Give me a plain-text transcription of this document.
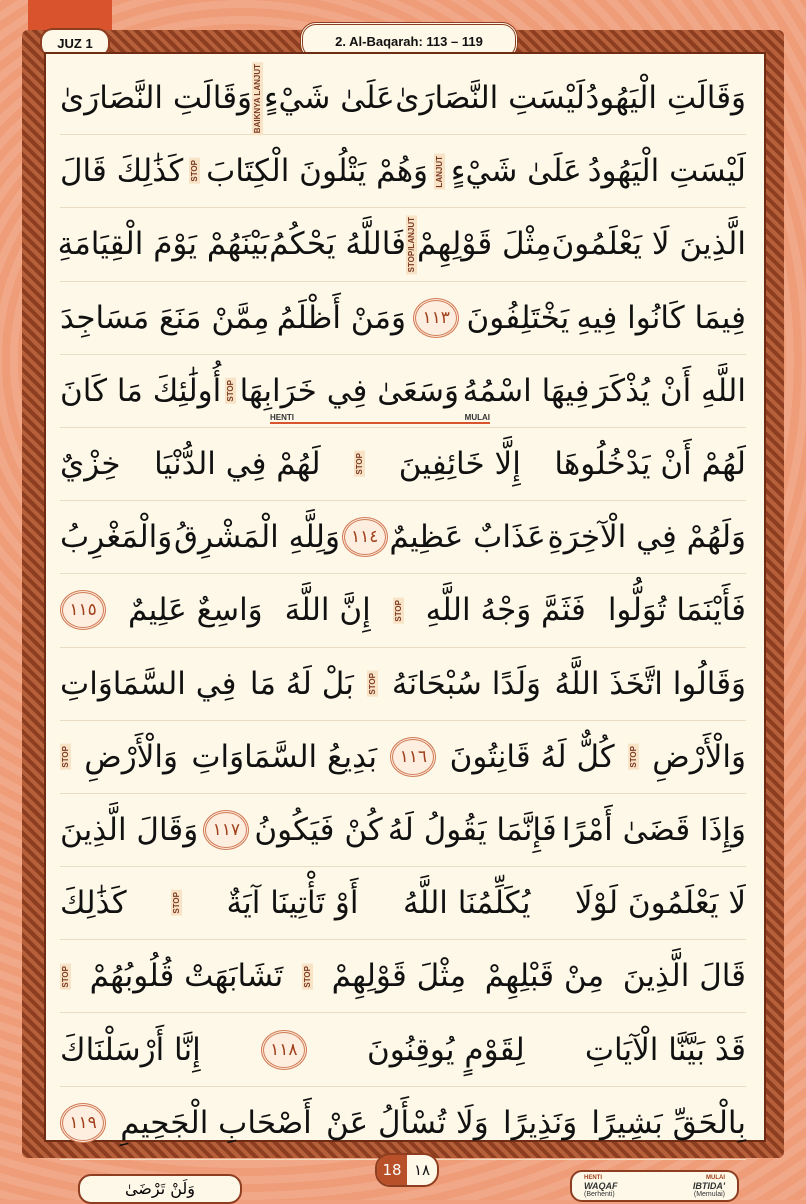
JUZ 1	2. Al-Baqarah: 113 – 119
وَقَالَتِ الْيَهُودُ
لَيْسَتِ النَّصَارَىٰ
عَلَىٰ شَيْءٍ
BAIKNYA LANJUT
وَقَالَتِ النَّصَارَىٰ
لَيْسَتِ الْيَهُودُ
عَلَىٰ شَيْءٍ
LANJUT
وَهُمْ يَتْلُونَ الْكِتَابَ
STOP
كَذَٰلِكَ قَالَ
الَّذِينَ لَا يَعْلَمُونَ
مِثْلَ قَوْلِهِمْ
STOP/LANJUT
فَاللَّهُ يَحْكُمُ
بَيْنَهُمْ يَوْمَ الْقِيَامَةِ
فِيمَا كَانُوا فِيهِ
يَخْتَلِفُونَ
١١٣
وَمَنْ أَظْلَمُ
مِمَّنْ مَنَعَ مَسَاجِدَ
اللَّهِ أَنْ يُذْكَرَ
فِيهَا اسْمُهُ
وَسَعَىٰ فِي خَرَابِهَا
STOP
أُولَٰئِكَ مَا كَانَ
HENTI	MULAI
لَهُمْ أَنْ يَدْخُلُوهَا
إِلَّا خَائِفِينَ
STOP
لَهُمْ فِي الدُّنْيَا
خِزْيٌ
وَلَهُمْ فِي الْآخِرَةِ
عَذَابٌ عَظِيمٌ
١١٤
وَلِلَّهِ الْمَشْرِقُ
وَالْمَغْرِبُ
فَأَيْنَمَا تُوَلُّوا
فَثَمَّ وَجْهُ اللَّهِ
STOP
إِنَّ اللَّهَ
وَاسِعٌ عَلِيمٌ
١١٥
وَقَالُوا اتَّخَذَ اللَّهُ
وَلَدًا سُبْحَانَهُ
STOP
بَلْ لَهُ مَا
فِي السَّمَاوَاتِ
وَالْأَرْضِ
STOP
كُلٌّ لَهُ قَانِتُونَ
١١٦
بَدِيعُ السَّمَاوَاتِ
وَالْأَرْضِ
STOP
وَإِذَا قَضَىٰ أَمْرًا
فَإِنَّمَا يَقُولُ لَهُ
كُنْ فَيَكُونُ
١١٧
وَقَالَ الَّذِينَ
لَا يَعْلَمُونَ لَوْلَا
يُكَلِّمُنَا اللَّهُ
أَوْ تَأْتِينَا آيَةٌ
STOP
كَذَٰلِكَ
قَالَ الَّذِينَ
مِنْ قَبْلِهِمْ
مِثْلَ قَوْلِهِمْ
STOP
تَشَابَهَتْ قُلُوبُهُمْ
STOP
قَدْ بَيَّنَّا الْآيَاتِ
لِقَوْمٍ يُوقِنُونَ
١١٨
إِنَّا أَرْسَلْنَاكَ
بِالْحَقِّ بَشِيرًا
وَنَذِيرًا
وَلَا تُسْأَلُ عَنْ
أَصْحَابِ الْجَحِيمِ
١١٩
وَلَنْ تَرْضَىٰ
18 ١٨	HENTI
WAQAF
(Berhenti)
MULAI
IBTIDA'
(Memulai)
